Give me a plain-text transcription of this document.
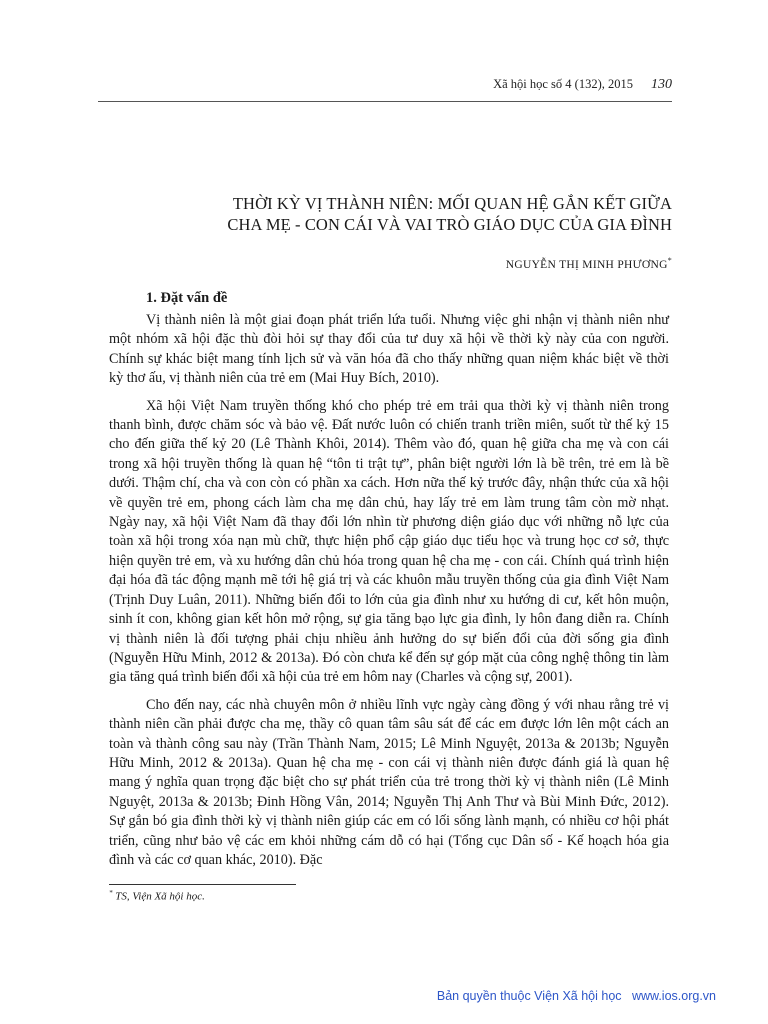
Xã hội học số 4 (132), 2015 130
THỜI KỲ VỊ THÀNH NIÊN: MỐI QUAN HỆ GẮN KẾT GIỮA
CHA MẸ - CON CÁI VÀ VAI TRÒ GIÁO DỤC CỦA GIA ĐÌNH
NGUYỄN THỊ MINH PHƯƠNG*
1. Đặt vấn đề

Vị thành niên là một giai đoạn phát triển lứa tuổi. Nhưng việc ghi nhận vị thành niên như một nhóm xã hội đặc thù đòi hỏi sự thay đổi của tư duy xã hội về thời kỳ này của con người. Chính sự khác biệt mang tính lịch sử và văn hóa đã cho thấy những quan niệm khác biệt về thời kỳ thơ ấu, vị thành niên của trẻ em (Mai Huy Bích, 2010).

Xã hội Việt Nam truyền thống khó cho phép trẻ em trải qua thời kỳ vị thành niên trong thanh bình, được chăm sóc và bảo vệ. Đất nước luôn có chiến tranh triền miên, suốt từ thế kỷ 15 cho đến giữa thế kỷ 20 (Lê Thành Khôi, 2014). Thêm vào đó, quan hệ giữa cha mẹ và con cái trong xã hội truyền thống là quan hệ “tôn ti trật tự”, phân biệt người lớn là bề trên, trẻ em là bề dưới. Thậm chí, cha và con còn có phần xa cách. Hơn nữa thế kỷ trước đây, nhận thức của xã hội về quyền trẻ em, phong cách làm cha mẹ dân chủ, hay lấy trẻ em làm trung tâm còn mờ nhạt. Ngày nay, xã hội Việt Nam đã thay đổi lớn nhìn từ phương diện giáo dục với những nỗ lực của toàn xã hội trong xóa nạn mù chữ, thực hiện phổ cập giáo dục tiểu học và trung học cơ sở, thực hiện quyền trẻ em, và xu hướng dân chủ hóa trong quan hệ cha mẹ - con cái. Chính quá trình hiện đại hóa đã tác động mạnh mẽ tới hệ giá trị và các khuôn mẫu truyền thống của gia đình Việt Nam (Trịnh Duy Luân, 2011). Những biến đổi to lớn của gia đình như xu hướng di cư, kết hôn muộn, sinh ít con, không gian kết hôn mở rộng, sự gia tăng bạo lực gia đình, ly hôn đang diễn ra. Chính vị thành niên là đối tượng phải chịu nhiều ảnh hưởng do sự biến đổi của đời sống gia đình (Nguyễn Hữu Minh, 2012 & 2013a). Đó còn chưa kể đến sự góp mặt của công nghệ thông tin làm gia tăng quá trình biến đổi xã hội của trẻ em hôm nay (Charles và cộng sự, 2001).

Cho đến nay, các nhà chuyên môn ở nhiều lĩnh vực ngày càng đồng ý với nhau rằng trẻ vị thành niên cần phải được cha mẹ, thầy cô quan tâm sâu sát để các em được lớn lên một cách an toàn và thành công sau này (Trần Thành Nam, 2015; Lê Minh Nguyệt, 2013a & 2013b; Nguyễn Hữu Minh, 2012 & 2013a). Quan hệ cha mẹ - con cái vị thành niên được đánh giá là quan hệ mang ý nghĩa quan trọng đặc biệt cho sự phát triển của trẻ trong thời kỳ vị thành niên (Lê Minh Nguyệt, 2013a & 2013b; Đinh Hồng Vân, 2014; Nguyễn Thị Anh Thư và Bùi Minh Đức, 2012). Sự gắn bó gia đình thời kỳ vị thành niên giúp các em có lối sống lành mạnh, có nhiều cơ hội phát triển, cũng như bảo vệ các em khỏi những cám dỗ có hại (Tổng cục Dân số - Kế hoạch hóa gia đình và các cơ quan khác, 2010). Đặc

* TS, Viện Xã hội học.
Bản quyền thuộc Viện Xã hội học   www.ios.org.vn
